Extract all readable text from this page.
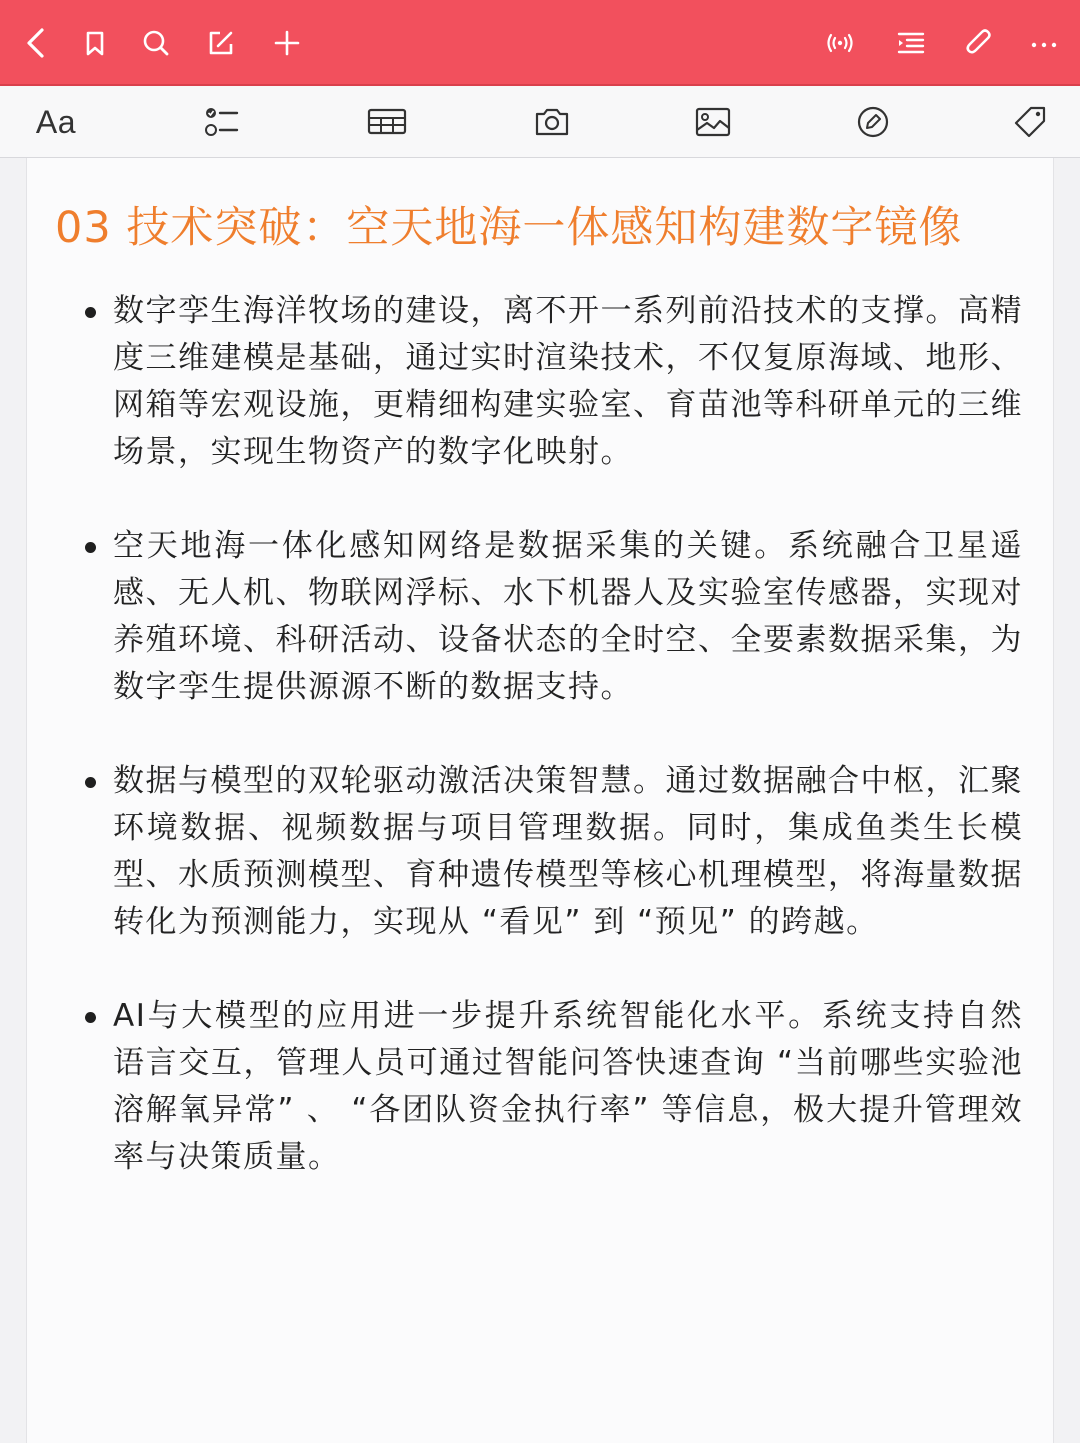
Aa
03 技术突破：空天地海一体感知构建数字镜像
数字孪生海洋牧场的建设，离不开一系列前沿技术的支撑。高精度三维建模是基础，通过实时渲染技术，不仅复原海域、地形、网箱等宏观设施，更精细构建实验室、育苗池等科研单元的三维场景，实现生物资产的数字化映射。
空天地海一体化感知网络是数据采集的关键。系统融合卫星遥感、无人机、物联网浮标、水下机器人及实验室传感器，实现对养殖环境、科研活动、设备状态的全时空、全要素数据采集，为数字孪生提供源源不断的数据支持。
数据与模型的双轮驱动激活决策智慧。通过数据融合中枢，汇聚环境数据、视频数据与项目管理数据。同时，集成鱼类生长模型、水质预测模型、育种遗传模型等核心机理模型，将海量数据转化为预测能力，实现从 “看见” 到 “预见” 的跨越。
AI与大模型的应用进一步提升系统智能化水平。系统支持自然语言交互，管理人员可通过智能问答快速查询 “当前哪些实验池溶解氧异常” 、 “各团队资金执行率” 等信息，极大提升管理效率与决策质量。
